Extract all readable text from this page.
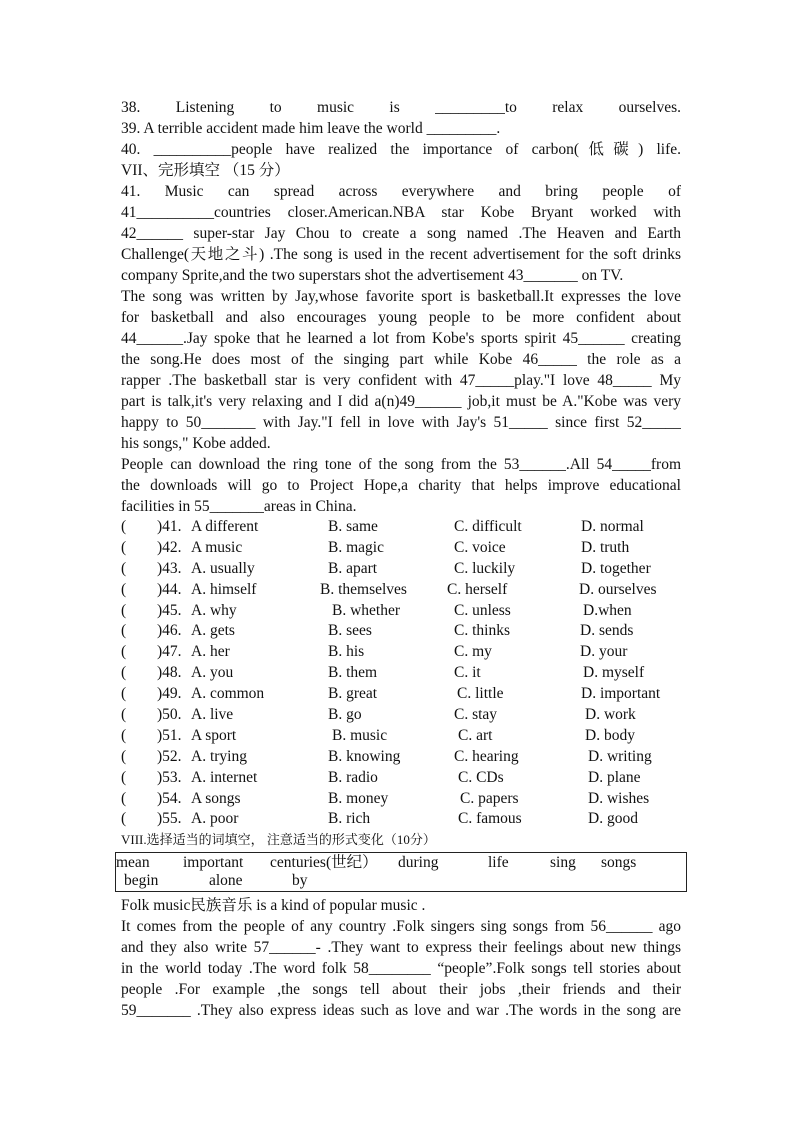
38. Listening to music is _________to relax ourselves.
39. A terrible accident made him leave the world _________.
40. __________people have realized the importance of carbon(低碳) life.
VII、完形填空 （15 分）
41. Music can spread across everywhere and bring people of
41__________countries closer.American.NBA star Kobe Bryant worked with
42______ super-star Jay Chou to create a song named .The Heaven and Earth
Challenge(天地之斗) .The song is used in the recent advertisement for the soft drinks
company Sprite,and the two superstars shot the advertisement 43_______ on TV.
The song was written by Jay,whose favorite sport is basketball.It expresses the love
for basketball and also encourages young people to be more confident about
44______.Jay spoke that he learned a lot from Kobe's sports spirit 45______ creating
the song.He does most of the singing part while Kobe 46_____ the role as a
rapper .The basketball star is very confident with 47_____play."I love 48_____ My
part is talk,it's very relaxing and I did a(n)49______ job,it must be A."Kobe was very
happy to 50_______ with Jay."I fell in love with Jay's 51_____ since first 52_____
his songs," Kobe added.
People can download the ring tone of the song from the 53______.All 54_____from
the downloads will go to Project Hope,a charity that helps improve educational
facilities in 55_______areas in China.
( )41. A different	B. same	C. difficult	D. normal
( )42. A music	B. magic	C. voice	D. truth
( )43. A. usually	B. apart	C. luckily	D. together
( )44. A. himself	B. themselves	C. herself	D. ourselves
( )45. A. why	B. whether	C. unless	D.when
( )46. A. gets	B. sees	C. thinks	D. sends
( )47. A. her	B. his	C. my	D. your
( )48. A. you	B. them	C. it	D. myself
( )49. A. common	B. great	C. little	D. important
( )50. A. live	B. go	C. stay	D. work
( )51. A sport	B. music	C. art	D. body
( )52. A. trying	B. knowing	C. hearing	D. writing
( )53. A. internet	B. radio	C. CDs	D. plane
( )54. A songs	B. money	C. papers	D. wishes
( )55. A. poor	B. rich	C. famous	D. good
VIII.选择适当的词填空， 注意适当的形式变化（10分）
mean important centuries(世纪） during	life	sing songs
begin	alone	by
Folk music民族音乐 is a kind of popular music .
It comes from the people of any country .Folk singers sing songs from 56______ ago
and they also write 57______- .They want to express their feelings about new things
in the world today .The word folk 58________ “people”.Folk songs tell stories about
people .For example ,the songs tell about their jobs ,their friends and their
59_______ .They also express ideas such as love and war .The words in the song are
